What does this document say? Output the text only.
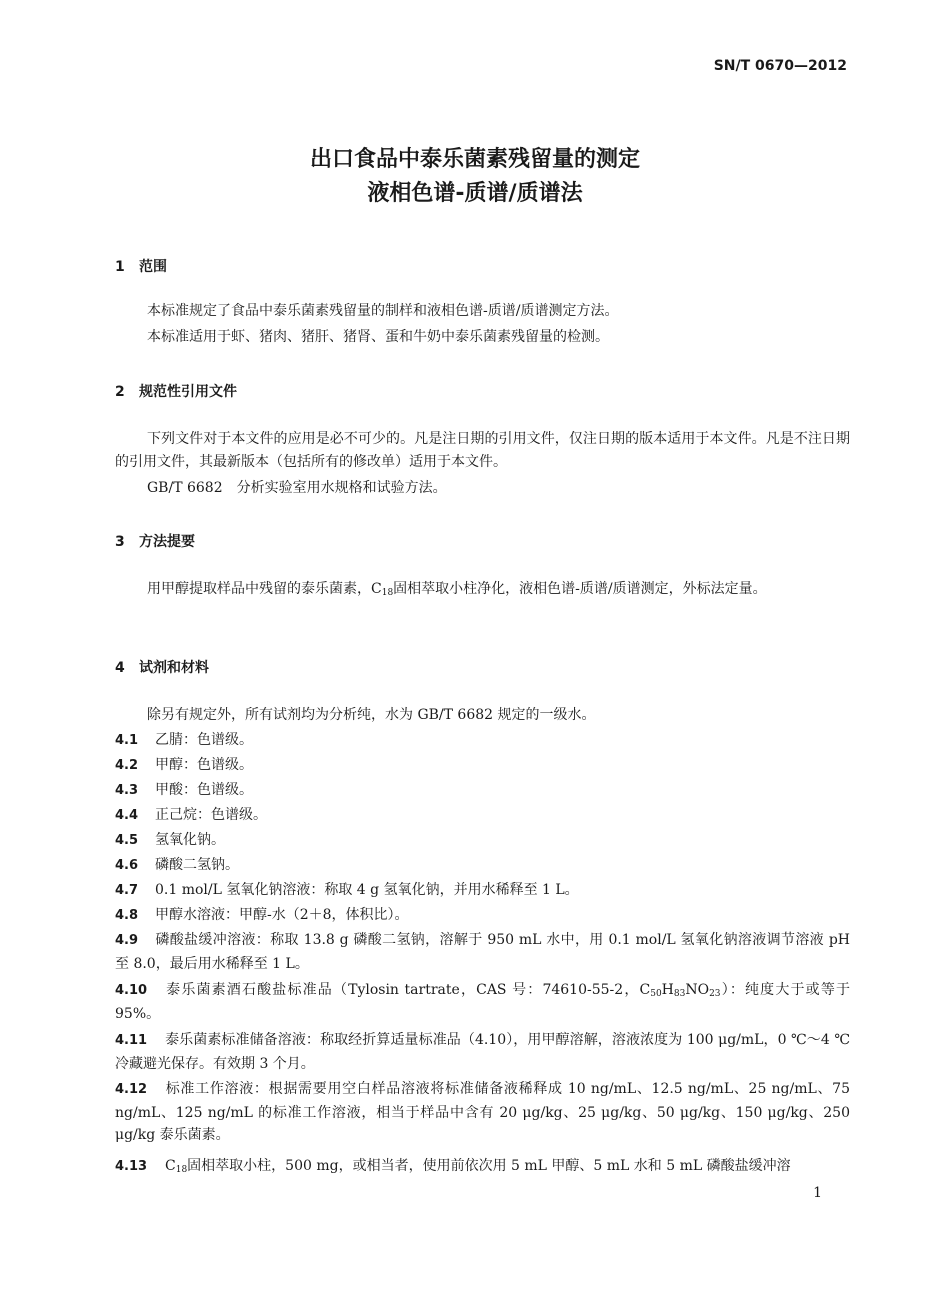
SN/T 0670—2012
出口食品中泰乐菌素残留量的测定
液相色谱-质谱/质谱法
1 范围
本标准规定了食品中泰乐菌素残留量的制样和液相色谱-质谱/质谱测定方法。
本标准适用于虾、猪肉、猪肝、猪肾、蛋和牛奶中泰乐菌素残留量的检测。
2 规范性引用文件
下列文件对于本文件的应用是必不可少的。凡是注日期的引用文件，仅注日期的版本适用于本文件。凡是不注日期的引用文件，其最新版本（包括所有的修改单）适用于本文件。
GB/T 6682　分析实验室用水规格和试验方法。
3 方法提要
用甲醇提取样品中残留的泰乐菌素，$C_{18}$固相萃取小柱净化，液相色谱-质谱/质谱测定，外标法定量。
4 试剂和材料
除另有规定外，所有试剂均为分析纯，水为 GB/T 6682 规定的一级水。
4.1 乙腈：色谱级。
4.2 甲醇：色谱级。
4.3 甲酸：色谱级。
4.4 正己烷：色谱级。
4.5 氢氧化钠。
4.6 磷酸二氢钠。
4.7 0.1 mol/L 氢氧化钠溶液：称取 4 g 氢氧化钠，并用水稀释至 1 L。
4.8 甲醇水溶液：甲醇-水（2＋8，体积比）。
4.9 磷酸盐缓冲溶液：称取 13.8 g 磷酸二氢钠，溶解于 950 mL 水中，用 0.1 mol/L 氢氧化钠溶液调节溶液 pH 至 8.0，最后用水稀释至 1 L。
4.10 泰乐菌素酒石酸盐标准品（Tylosin tartrate，CAS 号：74610-55-2，$C_{50}H_{83}NO_{23}$）：纯度大于或等于 95%。
4.11 泰乐菌素标准储备溶液：称取经折算适量标准品（4.10），用甲醇溶解，溶液浓度为 100 μg/mL，0 ℃～4 ℃冷藏避光保存。有效期 3 个月。
4.12 标准工作溶液：根据需要用空白样品溶液将标准储备液稀释成 10 ng/mL、12.5 ng/mL、25 ng/mL、75 ng/mL、125 ng/mL 的标准工作溶液，相当于样品中含有 20 μg/kg、25 μg/kg、50 μg/kg、150 μg/kg、250 μg/kg 泰乐菌素。
4.13 $C_{18}$固相萃取小柱，500 mg，或相当者，使用前依次用 5 mL 甲醇、5 mL 水和 5 mL 磷酸盐缓冲溶
1
